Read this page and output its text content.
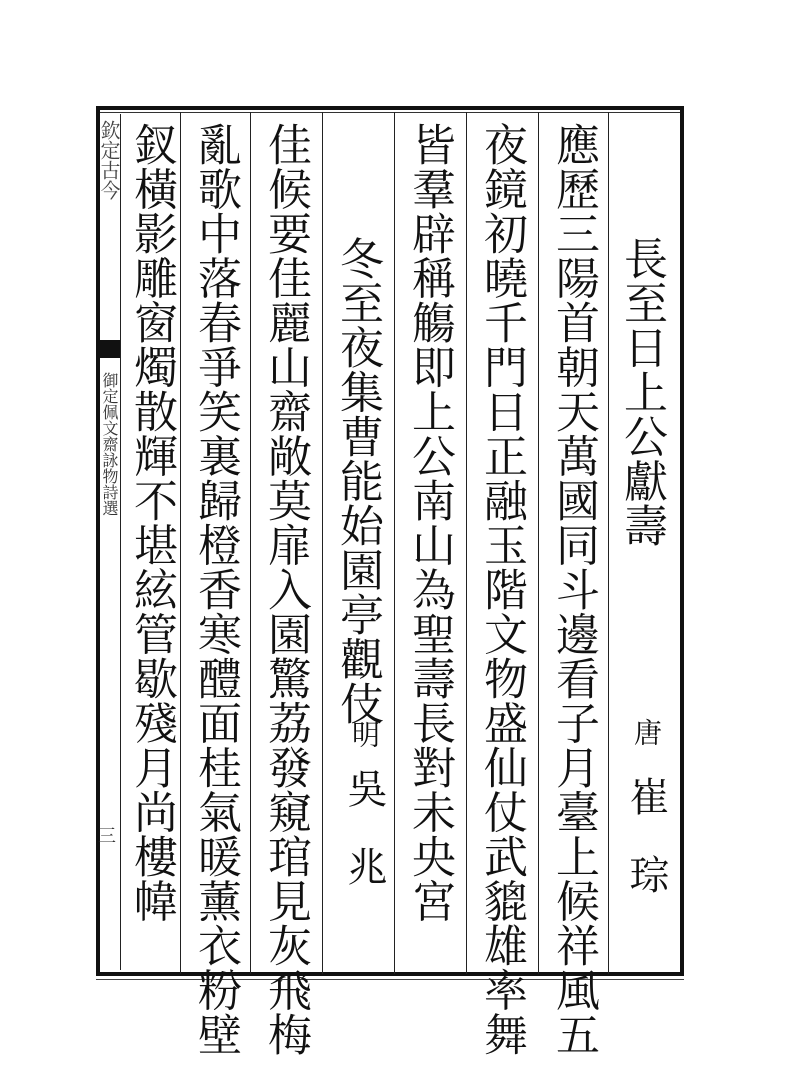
欽定古今
御定佩文齋詠物詩選
三
長至日上公獻壽
唐
崔琮
應歷三陽首朝天萬國同斗邊看子月臺上候祥風五
夜鏡初曉千門日正融玉階文物盛仙仗武貔雄率舞
皆羣辟稱觴即上公南山為聖壽長對未央宮
冬至夜集曹能始園亭觀伎
明
吳兆
佳候要佳麗山齋敞莫扉入園驚荔發窺琯見灰飛梅
亂歌中落春爭笑裏歸橙香寒醴面桂氣暖薰衣粉壁
釵橫影雕窗燭散輝不堪絃管歇殘月尚樓幃
